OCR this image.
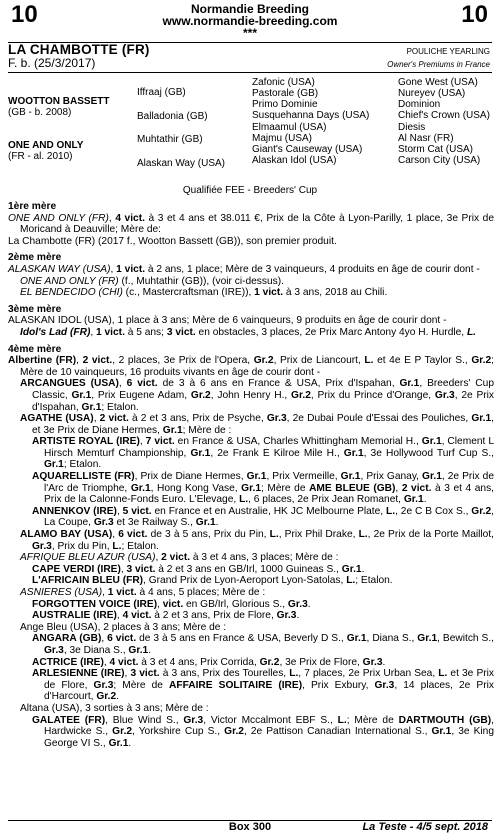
10	Normandie Breeding
www.normandie-breeding.com
***
10
LA CHAMBOTTE (FR)
F. b. (25/3/2017)
POULICHE YEARLING
Owner's Premiums in France
WOOTTON BASSETT
(GB - b. 2008)
ONE AND ONLY
(FR - al. 2010)
Iffraaj (GB)
Balladonia (GB)
Muhtathir (GB)
Alaskan Way (USA)
Zafonic (USA)
Pastorale (GB)
Primo Dominie
Susquehanna Days (USA)
Elmaamul (USA)
Majmu (USA)
Giant's Causeway (USA)
Alaskan Idol (USA)
Gone West (USA)
Nureyev (USA)
Dominion
Chief's Crown (USA)
Diesis
Al Nasr (FR)
Storm Cat (USA)
Carson City (USA)
Qualifiée FEE - Breeders' Cup

1ère mère

ONE AND ONLY (FR), 4 vict. à 3 et 4 ans et 38.011 €, Prix de la Côte à Lyon-Parilly, 1 place, 3e Prix de Moricand à Deauville; Mère de:

La Chambotte (FR) (2017 f., Wootton Bassett (GB)), son premier produit.

2ème mère

ALASKAN WAY (USA), 1 vict. à 2 ans, 1 place; Mère de 3 vainqueurs, 4 produits en âge de courir dont -

ONE AND ONLY (FR) (f., Muhtathir (GB)), (voir ci-dessus).

EL BENDECIDO (CHI) (c., Mastercraftsman (IRE)), 1 vict. à 3 ans, 2018 au Chili.

3ème mère

ALASKAN IDOL (USA), 1 place à 3 ans; Mère de 6 vainqueurs, 9 produits en âge de courir dont -

Idol's Lad (FR), 1 vict. à 5 ans; 3 vict. en obstacles, 3 places, 2e Prix Marc Antony 4yo H. Hurdle, L.

4ème mère

Albertine (FR), 2 vict., 2 places, 3e Prix de l'Opera, Gr.2, Prix de Liancourt, L. et 4e E P Taylor S., Gr.2; Mère de 10 vainqueurs, 16 produits vivants en âge de courir dont -

ARCANGUES (USA), 6 vict. de 3 à 6 ans en France & USA, Prix d'Ispahan, Gr.1, Breeders' Cup Classic, Gr.1, Prix Eugene Adam, Gr.2, John Henry H., Gr.2, Prix du Prince d'Orange, Gr.3, 2e Prix d'Ispahan, Gr.1; Etalon.

AGATHE (USA), 2 vict. à 2 et 3 ans, Prix de Psyche, Gr.3, 2e Dubai Poule d'Essai des Pouliches, Gr.1, et 3e Prix de Diane Hermes, Gr.1; Mère de :

ARTISTE ROYAL (IRE), 7 vict. en France & USA, Charles Whittingham Memorial H., Gr.1, Clement L Hirsch Memturf Championship, Gr.1, 2e Frank E Kilroe Mile H., Gr.1, 3e Hollywood Turf Cup S., Gr.1; Etalon.

AQUARELLISTE (FR), Prix de Diane Hermes, Gr.1, Prix Vermeille, Gr.1, Prix Ganay, Gr.1, 2e Prix de l'Arc de Triomphe, Gr.1, Hong Kong Vase, Gr.1; Mère de AME BLEUE (GB), 2 vict. à 3 et 4 ans, Prix de la Calonne-Fonds Euro. L'Elevage, L., 6 places, 2e Prix Jean Romanet, Gr.1.

ANNENKOV (IRE), 5 vict. en France et en Australie, HK JC Melbourne Plate, L., 2e C B Cox S., Gr.2, La Coupe, Gr.3 et 3e Railway S., Gr.1.

ALAMO BAY (USA), 6 vict. de 3 à 5 ans, Prix du Pin, L., Prix Phil Drake, L., 2e Prix de la Porte Maillot, Gr.3, Prix du Pin, L.; Etalon.

AFRIQUE BLEU AZUR (USA), 2 vict. à 3 et 4 ans, 3 places; Mère de :

CAPE VERDI (IRE), 3 vict. à 2 et 3 ans en GB/Irl, 1000 Guineas S., Gr.1.

L'AFRICAIN BLEU (FR), Grand Prix de Lyon-Aeroport Lyon-Satolas, L.; Etalon.

ASNIERES (USA), 1 vict. à 4 ans, 5 places; Mère de :

FORGOTTEN VOICE (IRE), vict. en GB/Irl, Glorious S., Gr.3.

AUSTRALIE (IRE), 4 vict. à 2 et 3 ans, Prix de Flore, Gr.3.

Ange Bleu (USA), 2 places à 3 ans; Mère de :

ANGARA (GB), 6 vict. de 3 à 5 ans en France & USA, Beverly D S., Gr.1, Diana S., Gr.1, Bewitch S., Gr.3, 3e Diana S., Gr.1.

ACTRICE (IRE), 4 vict. à 3 et 4 ans, Prix Corrida, Gr.2, 3e Prix de Flore, Gr.3.

ARLESIENNE (IRE), 3 vict. à 3 ans, Prix des Tourelles, L., 7 places, 2e Prix Urban Sea, L. et 3e Prix de Flore, Gr.3; Mère de AFFAIRE SOLITAIRE (IRE), Prix Exbury, Gr.3, 14 places, 2e Prix d'Harcourt, Gr.2.

Altana (USA), 3 sorties à 3 ans; Mère de :

GALATEE (FR), Blue Wind S., Gr.3, Victor Mccalmont EBF S., L.; Mère de DARTMOUTH (GB), Hardwicke S., Gr.2, Yorkshire Cup S., Gr.2, 2e Pattison Canadian International S., Gr.1, 3e King George VI S., Gr.1.

Box 300	La Teste - 4/5 sept. 2018
